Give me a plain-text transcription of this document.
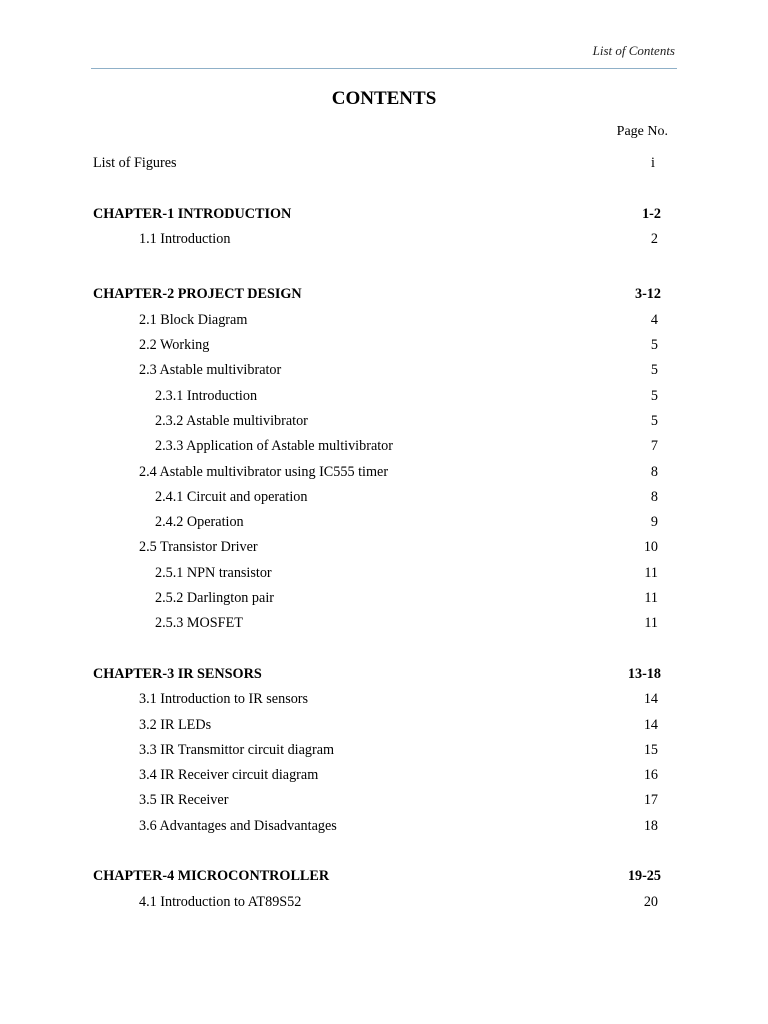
List of Contents
CONTENTS
Page No.
List of Figures	i
CHAPTER-1 INTRODUCTION	1-2
1.1 Introduction	2
CHAPTER-2 PROJECT DESIGN	3-12
2.1 Block Diagram	4
2.2 Working	5
2.3 Astable multivibrator	5
2.3.1 Introduction	5
2.3.2 Astable multivibrator	5
2.3.3 Application of Astable multivibrator	7
2.4 Astable multivibrator using IC555 timer	8
2.4.1 Circuit and operation	8
2.4.2 Operation	9
2.5 Transistor Driver	10
2.5.1 NPN transistor	11
2.5.2 Darlington pair	11
2.5.3 MOSFET	11
CHAPTER-3 IR SENSORS	13-18
3.1 Introduction to IR sensors	14
3.2 IR LEDs	14
3.3 IR Transmittor circuit diagram	15
3.4 IR Receiver circuit diagram	16
3.5 IR Receiver	17
3.6 Advantages and Disadvantages	18
CHAPTER-4 MICROCONTROLLER	19-25
4.1 Introduction to AT89S52	20
